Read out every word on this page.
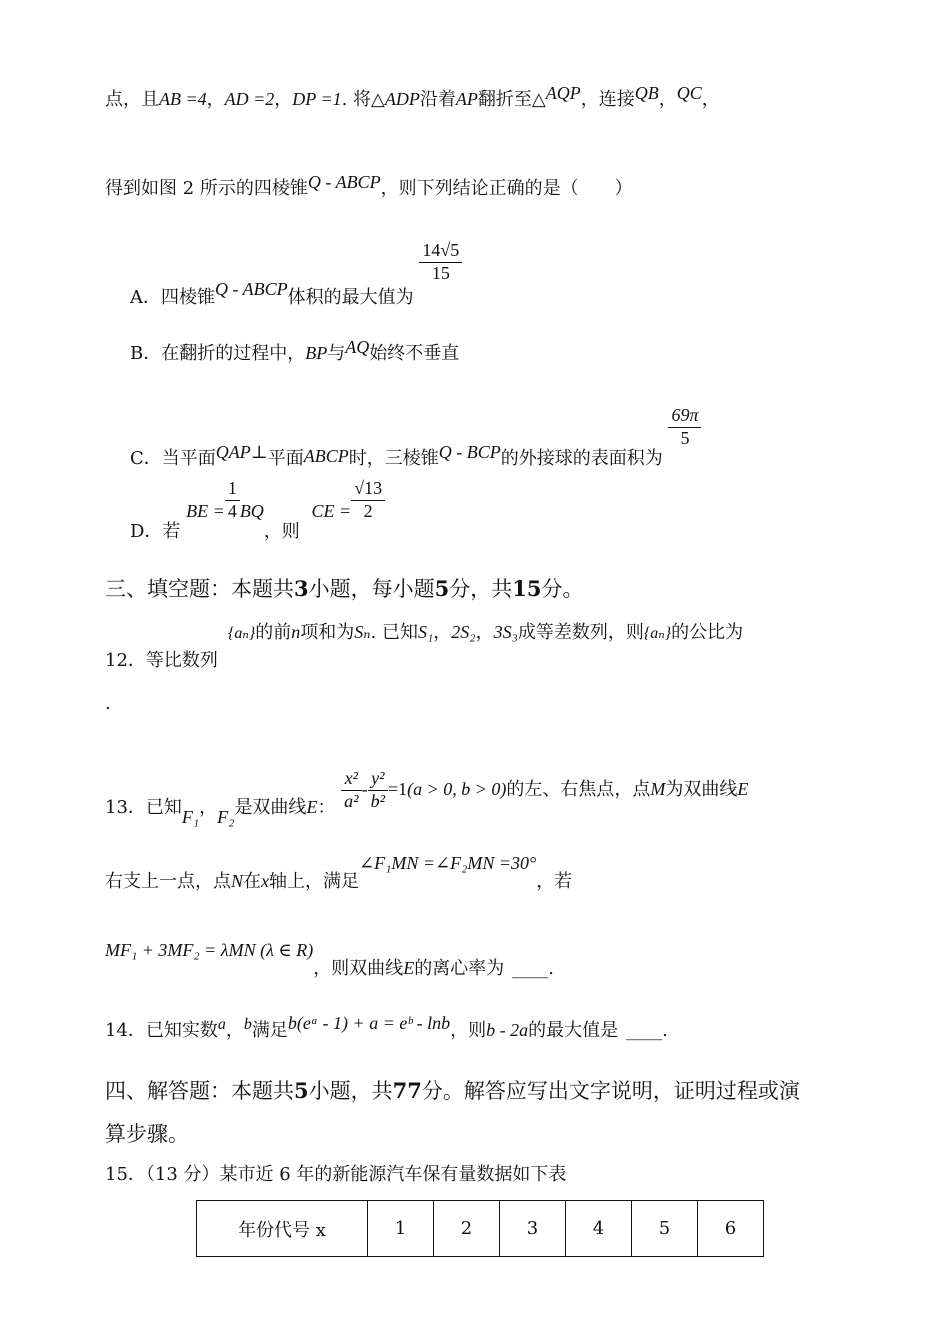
点，且AB =4，AD =2，DP =1. 将△ADP沿着AP翻折至△AQP，连接QB，QC，
得到如图 2 所示的四棱锥Q - ABCP，则下列结论正确的是（　　）
A．四棱锥Q - ABCP体积的最大值为
$\frac{14√5}{15}$
B．在翻折的过程中，BP与AQ始终不垂直
C．当平面QAP⊥平面ABCP时，三棱锥Q - BCP的外接球的表面积为
$\frac{69\pi}{5}$
D．若 BE = $\frac{1}{4}$ BQ，则 CE = $\frac{√13}{2}$
三、填空题：本题共3小题，每小题5分，共15分。
{aₙ}的前n项和为Sₙ. 已知S₁，2S₂，3S₃成等差数列，则{aₙ}的公比为
12．等比数列
.
13．已知F₁，F₂是双曲线E： $\frac{\text{x²}}{\text{a²}} - \frac{\text{y²}}{\text{b²}} =1(a > 0$, b > 0)的左、右焦点，点M为双曲线E
右支上一点，点N在x轴上，满足∠F₁MN =∠F₂MN =30°，若
MF₁ + 3MF₂ = λMN (λ ∈ R)，则双曲线E的离心率为 ____.
14．已知实数a，b满足b(eᵃ - 1) + a = eᵇ - lnb，则b - 2a的最大值是 ____.
四、解答题：本题共5小题，共77分。解答应写出文字说明，证明过程或演
算步骤。
15．（13 分）某市近 6 年的新能源汽车保有量数据如下表
年份代号 x	1	2	3	4	5	6
